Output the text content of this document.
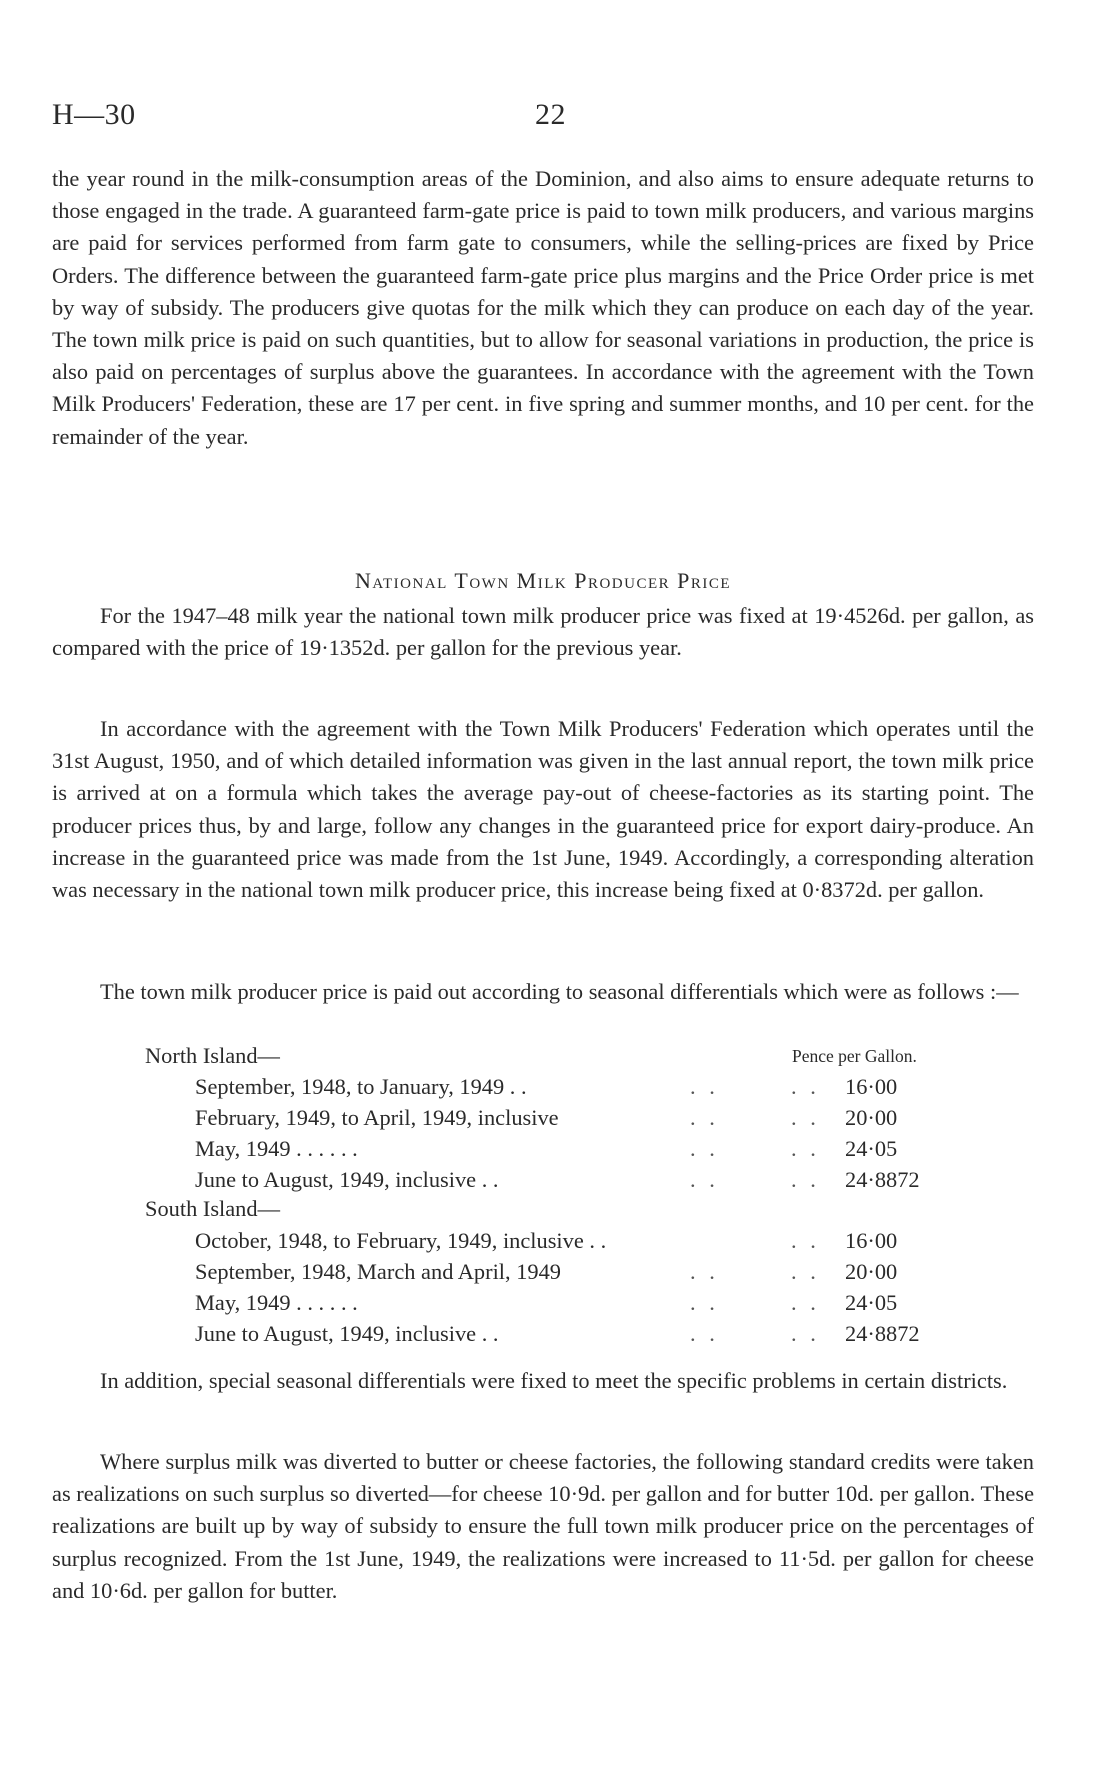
H—30	22

the year round in the milk-consumption areas of the Dominion, and also aims to ensure adequate returns to those engaged in the trade. A guaranteed farm-gate price is paid to town milk producers, and various margins are paid for services performed from farm gate to consumers, while the selling-prices are fixed by Price Orders. The difference between the guaranteed farm-gate price plus margins and the Price Order price is met by way of subsidy. The producers give quotas for the milk which they can produce on each day of the year. The town milk price is paid on such quantities, but to allow for seasonal variations in production, the price is also paid on percentages of surplus above the guarantees. In accordance with the agreement with the Town Milk Producers' Federation, these are 17 per cent. in five spring and summer months, and 10 per cent. for the remainder of the year.

National Town Milk Producer Price

For the 1947–48 milk year the national town milk producer price was fixed at 19·4526d. per gallon, as compared with the price of 19·1352d. per gallon for the previous year.

In accordance with the agreement with the Town Milk Producers' Federation which operates until the 31st August, 1950, and of which detailed information was given in the last annual report, the town milk price is arrived at on a formula which takes the average pay-out of cheese-factories as its starting point. The producer prices thus, by and large, follow any changes in the guaranteed price for export dairy-produce. An increase in the guaranteed price was made from the 1st June, 1949. Accordingly, a corresponding alteration was necessary in the national town milk producer price, this increase being fixed at 0·8372d. per gallon.

The town milk producer price is paid out according to seasonal differentials which were as follows :—

North Island—	Pence per Gallon.
September, 1948, to January, 1949 . .	. .	. . 16·00
February, 1949, to April, 1949, inclusive	. .	. . 20·00
May, 1949 . . . . . .	. .	. . 24·05
June to August, 1949, inclusive . .	. .	. . 24·8872
South Island—
October, 1948, to February, 1949, inclusive . .	. . 16·00
September, 1948, March and April, 1949	. .	. . 20·00
May, 1949 . . . . . .	. .	. . 24·05
June to August, 1949, inclusive . .	. .	. . 24·8872

In addition, special seasonal differentials were fixed to meet the specific problems in certain districts.

Where surplus milk was diverted to butter or cheese factories, the following standard credits were taken as realizations on such surplus so diverted—for cheese 10·9d. per gallon and for butter 10d. per gallon. These realizations are built up by way of subsidy to ensure the full town milk producer price on the percentages of surplus recognized. From the 1st June, 1949, the realizations were increased to 11·5d. per gallon for cheese and 10·6d. per gallon for butter.
